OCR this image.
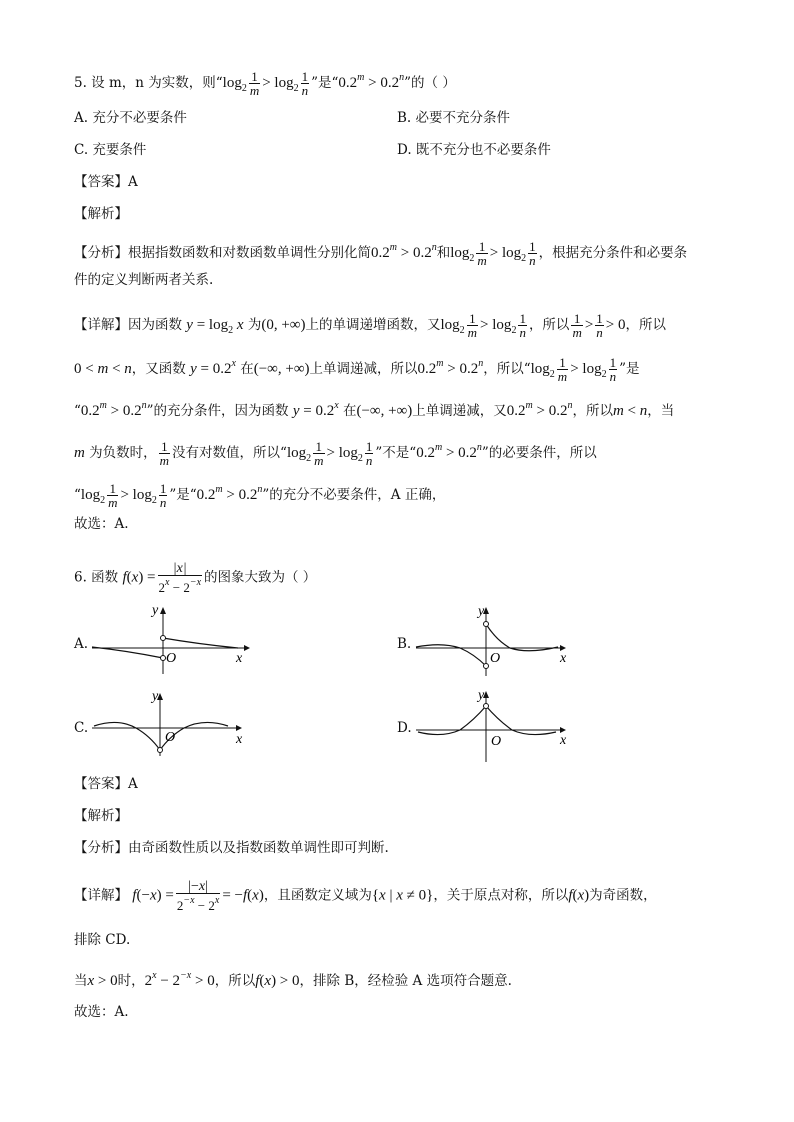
5. 设 m，n 为实数，则“$\log_2 \frac{1}{m} > \log_2 \frac{1}{n}$ ”是“$0.2^m > 0.2^n$”的（ ）
A. 充分不必要条件	B. 必要不充分条件
C. 充要条件	D. 既不充分也不必要条件
【答案】A
【解析】
【分析】根据指数函数和对数函数单调性分别化简$0.2^m > 0.2^n$和$\log_2 \frac{1}{m} > \log_2 \frac{1}{n}$ ，根据充分条件和必要条
件的定义判断两者关系.
【详解】因为函数 $y = \log_2 x$ 为(0, +∞)上的单调递增函数，又$\log_2 \frac{1}{m} > \log_2 \frac{1}{n}$ ，所以 $\frac{1}{m} > \frac{1}{n} > 0$，所以
0 < m < n，又函数 $y = 0.2^x$ 在(−∞, +∞)上单调递减，所以$0.2^m > 0.2^n$，所以“$\log_2 \frac{1}{m} > \log_2 \frac{1}{n}$ ”是
“$0.2^m > 0.2^n$”的充分条件，因为函数 $y = 0.2^x$ 在(−∞, +∞)上单调递减，又$0.2^m > 0.2^n$，所以m < n，当
m 为负数时， $\frac{1}{m}$ 没有对数值，所以“$\log_2 \frac{1}{m} > \log_2 \frac{1}{n}$ ”不是“$0.2^m > 0.2^n$”的必要条件，所以
“$\log_2 \frac{1}{m} > \log_2 \frac{1}{n}$ ”是“$0.2^m > 0.2^n$”的充分不必要条件，A 正确，
故选：A.
6. 函数 $f(x) = \frac{|x|}{2^x - 2^{-x}}$ 的图象大致为（ ）
A.
y
x
O
B.
y
x
O
C.
y
x
O
D.
y
x
O
【答案】A
【解析】
【分析】由奇函数性质以及指数函数单调性即可判断.
【详解】 $f(-x) = \frac{|-x|}{2^{-x} - 2^x} = -f(x)$，且函数定义域为{x | x ≠ 0}，关于原点对称，所以f(x)为奇函数，
排除 CD.
当x > 0时，$2^x - 2^{-x} > 0$，所以f(x) > 0，排除 B，经检验 A 选项符合题意.
故选：A.
